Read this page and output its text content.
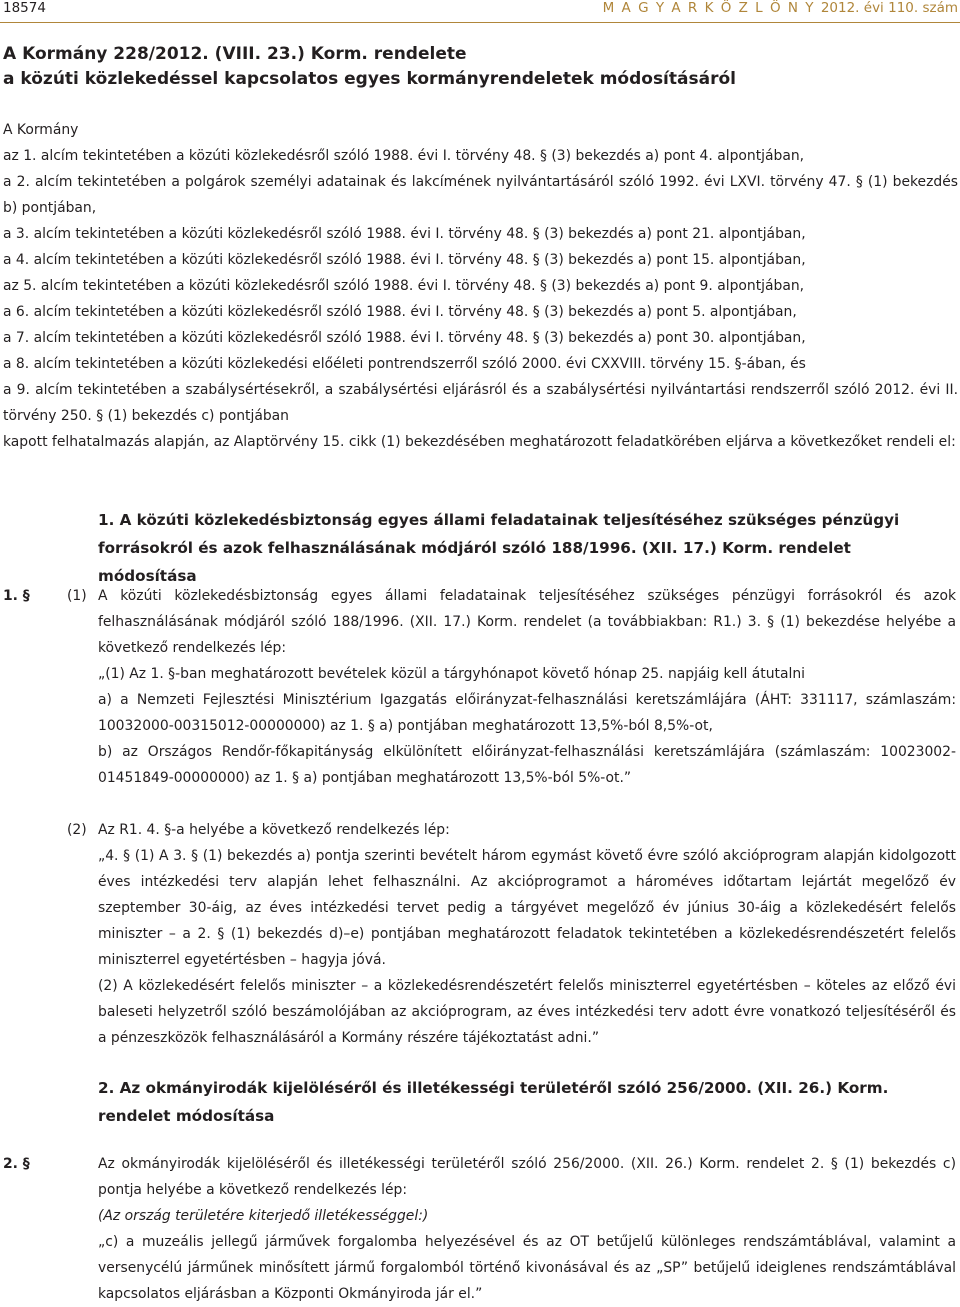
18574	M A G Y A R K Ö Z L Ö N Y 2012. évi 110. szám
A Kormány 228/2012. (VIII. 23.) Korm. rendelete
a közúti közlekedéssel kapcsolatos egyes kormányrendeletek módosításáról

A Kormány

az 1. alcím tekintetében a közúti közlekedésről szóló 1988. évi I. törvény 48. § (3) bekezdés a) pont 4. alpontjában,

a 2. alcím tekintetében a polgárok személyi adatainak és lakcímének nyilvántartásáról szóló 1992. évi LXVI. törvény 47. § (1) bekezdés b) pontjában,

a 3. alcím tekintetében a közúti közlekedésről szóló 1988. évi I. törvény 48. § (3) bekezdés a) pont 21. alpontjában,

a 4. alcím tekintetében a közúti közlekedésről szóló 1988. évi I. törvény 48. § (3) bekezdés a) pont 15. alpontjában,

az 5. alcím tekintetében a közúti közlekedésről szóló 1988. évi I. törvény 48. § (3) bekezdés a) pont 9. alpontjában,

a 6. alcím tekintetében a közúti közlekedésről szóló 1988. évi I. törvény 48. § (3) bekezdés a) pont 5. alpontjában,

a 7. alcím tekintetében a közúti közlekedésről szóló 1988. évi I. törvény 48. § (3) bekezdés a) pont 30. alpontjában,

a 8. alcím tekintetében a közúti közlekedési előéleti pontrendszerről szóló 2000. évi CXXVIII. törvény 15. §-ában, és

a 9. alcím tekintetében a szabálysértésekről, a szabálysértési eljárásról és a szabálysértési nyilvántartási rendszerről szóló 2012. évi II. törvény 250. § (1) bekezdés c) pontjában

kapott felhatalmazás alapján, az Alaptörvény 15. cikk (1) bekezdésében meghatározott feladatkörében eljárva a következőket rendeli el:

1. A közúti közlekedésbiztonság egyes állami feladatainak teljesítéséhez szükséges pénzügyi forrásokról és azok felhasználásának módjáról szóló 188/1996. (XII. 17.) Korm. rendelet módosítása
1. §	(1) A közúti közlekedésbiztonság egyes állami feladatainak teljesítéséhez szükséges pénzügyi forrásokról és azok felhasználásának módjáról szóló 188/1996. (XII. 17.) Korm. rendelet (a továbbiakban: R1.) 3. § (1) bekezdése helyébe a következő rendelkezés lép:

„(1) Az 1. §-ban meghatározott bevételek közül a tárgyhónapot követő hónap 25. napjáig kell átutalni

a) a Nemzeti Fejlesztési Minisztérium Igazgatás előirányzat-felhasználási keretszámlájára (ÁHT: 331117, számlaszám: 10032000-00315012-00000000) az 1. § a) pontjában meghatározott 13,5%-ból 8,5%-ot,

b) az Országos Rendőr-főkapitányság elkülönített előirányzat-felhasználási keretszámlájára (számlaszám: 10023002-01451849-00000000) az 1. § a) pontjában meghatározott 13,5%-ból 5%-ot.”

(2) Az R1. 4. §-a helyébe a következő rendelkezés lép:

„4. § (1) A 3. § (1) bekezdés a) pontja szerinti bevételt három egymást követő évre szóló akcióprogram alapján kidolgozott éves intézkedési terv alapján lehet felhasználni. Az akcióprogramot a hároméves időtartam lejártát megelőző év szeptember 30-áig, az éves intézkedési tervet pedig a tárgyévet megelőző év június 30-áig a közlekedésért felelős miniszter – a 2. § (1) bekezdés d)–e) pontjában meghatározott feladatok tekintetében a közlekedésrendészetért felelős miniszterrel egyetértésben – hagyja jóvá.

(2) A közlekedésért felelős miniszter – a közlekedésrendészetért felelős miniszterrel egyetértésben – köteles az előző évi baleseti helyzetről szóló beszámolójában az akcióprogram, az éves intézkedési terv adott évre vonatkozó teljesítéséről és a pénzeszközök felhasználásáról a Kormány részére tájékoztatást adni.”

2. Az okmányirodák kijelöléséről és illetékességi területéről szóló 256/2000. (XII. 26.) Korm. rendelet módosítása
2. §	Az okmányirodák kijelöléséről és illetékességi területéről szóló 256/2000. (XII. 26.) Korm. rendelet 2. § (1) bekezdés c) pontja helyébe a következő rendelkezés lép:

(Az ország területére kiterjedő illetékességgel:)

„c) a muzeális jellegű járművek forgalomba helyezésével és az OT betűjelű különleges rendszámtáblával, valamint a versenycélú járműnek minősített jármű forgalomból történő kivonásával és az „SP” betűjelű ideiglenes rendszámtáblával kapcsolatos eljárásban a Központi Okmányiroda jár el.”
